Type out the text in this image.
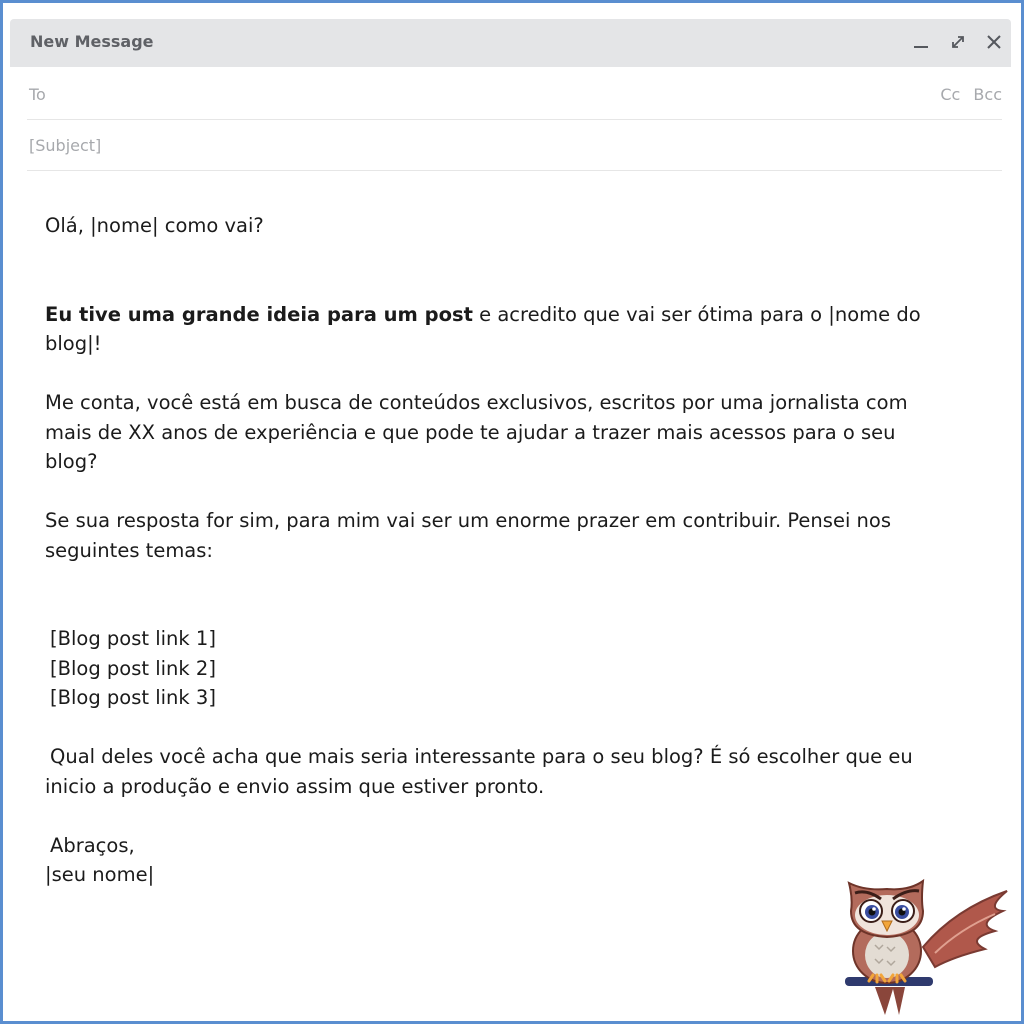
New Message
To	Cc Bcc
[Subject]

Olá, |nome| como vai?

Eu tive uma grande ideia para um post e acredito que vai ser ótima para o |nome do blog|!

Me conta, você está em busca de conteúdos exclusivos, escritos por uma jornalista com mais de XX anos de experiência e que pode te ajudar a trazer mais acessos para o seu blog?

Se sua resposta for sim, para mim vai ser um enorme prazer em contribuir. Pensei nos seguintes temas:

[Blog post link 1]

[Blog post link 2]

[Blog post link 3]

Qual deles você acha que mais seria interessante para o seu blog? É só escolher que eu inicio a produção e envio assim que estiver pronto.

Abraços,

|seu nome|
